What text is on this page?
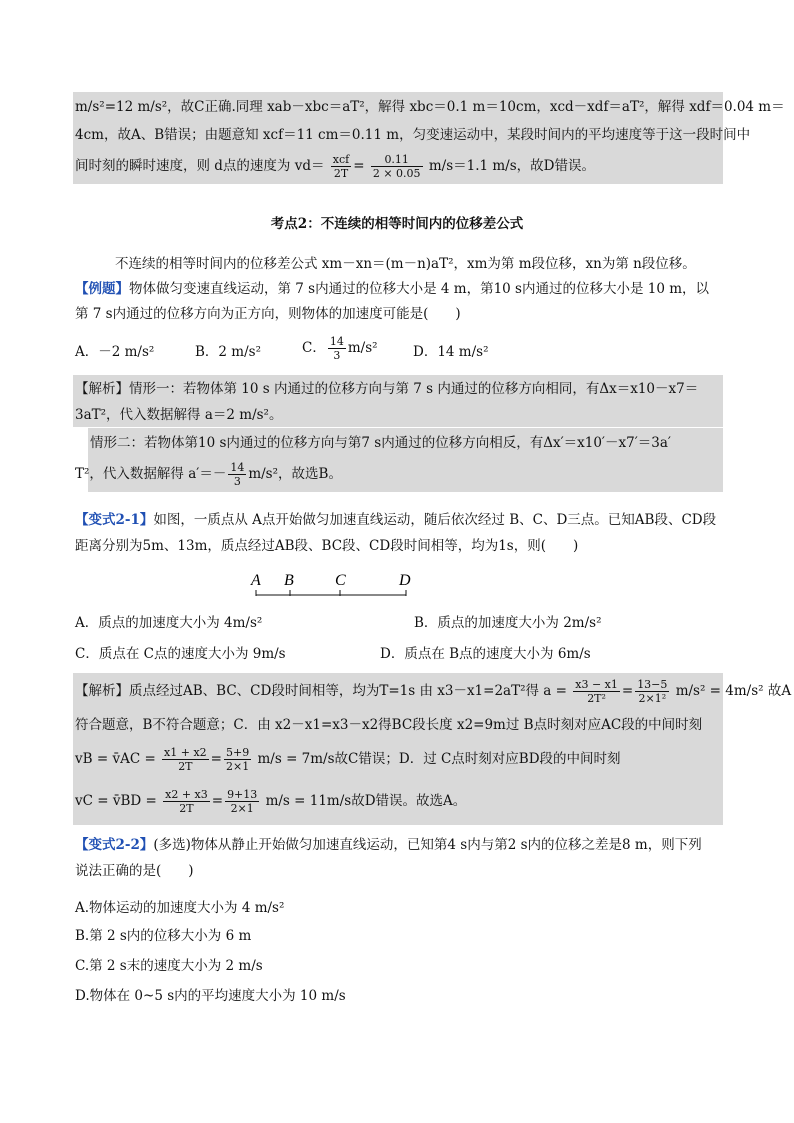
m/s²=12 m/s²，故C正确.同理 xab－xbc＝aT²，解得 xbc＝0.1 m＝10cm，xcd－xdf＝aT²，解得 xdf＝0.04 m＝
4cm，故A、B错误；由题意知 xcf＝11 cm＝0.11 m，匀变速运动中，某段时间内的平均速度等于这一段时间中
间时刻的瞬时速度，则 d点的速度为 $vd= \frac{\text{xcf}}{2T} = \frac{0.11}{2 \times 0.05} m/s=1.1$ m/s，故D错误。
考点2：不连续的相等时间内的位移差公式
不连续的相等时间内的位移差公式 xm－xn＝(m－n)aT²，xm为第 m段位移，xn为第 n段位移。
【例题】物体做匀变速直线运动，第 7 s内通过的位移大小是 4 m，第10 s内通过的位移大小是 10 m，以
第 7 s内通过的位移方向为正方向，则物体的加速度可能是(　　)
A．－2 m/s²	B．2 m/s²	C． $\frac{14}{3} m/s^2$	D．14 m/s²
【解析】情形一：若物体第 10 s 内通过的位移方向与第 7 s 内通过的位移方向相同，有Δx＝x10－x7＝
3aT²，代入数据解得 a＝2 m/s²。
情形二：若物体第10 s内通过的位移方向与第7 s内通过的位移方向相反，有Δx′＝x10′－x7′＝3a′
T²，代入数据解得 $a'=- \frac{14}{3} m/s^2$，故选B。
【变式2-1】如图，一质点从 A点开始做匀加速直线运动，随后依次经过 B、C、D三点。已知AB段、CD段
距离分别为5m、13m，质点经过AB段、BC段、CD段时间相等，均为1s，则(　　)
A B	C	D
A．质点的加速度大小为 4m/s²	B．质点的加速度大小为 2m/s²
C．质点在 C点的速度大小为 9m/s	D．质点在 B点的速度大小为 6m/s
【解析】质点经过AB、BC、CD段时间相等，均为T=1s 由 x3－x1=2aT²得 $a = \frac{x3 - x1}{\text{2T²}} = \frac{13-5}{\text{2×1²}} m/s^2 = 4m/s^2$ 故A
符合题意，B不符合题意；C．由 x2－x1=x3－x2得BC段长度 x2=9m过 B点时刻对应AC段的中间时刻
vB = v̄AC = $\frac{x1 + x2}{2T} = \frac{5+9}{2\times 1} m/s = 7m/s$故C错误；D．过 C点时刻对应BD段的中间时刻
vC = v̄BD = $\frac{x2 + x3}{2T} = \frac{9+13}{2\times 1} m/s = 11m/s$故D错误。故选A。
【变式2-2】(多选)物体从静止开始做匀加速直线运动，已知第4 s内与第2 s内的位移之差是8 m，则下列
说法正确的是(　　)
A.物体运动的加速度大小为 4 m/s²
B.第 2 s内的位移大小为 6 m
C.第 2 s末的速度大小为 2 m/s
D.物体在 0~5 s内的平均速度大小为 10 m/s
